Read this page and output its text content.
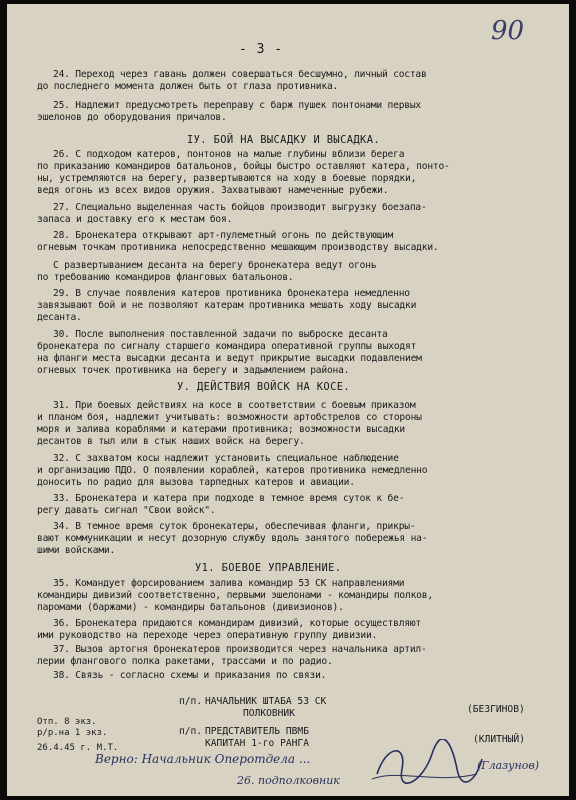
90
- 3 -
24. Переход через гавань должен совершаться бесшумно, личный состав
до последнего момента должен быть от глаза противника.
25. Надлежит предусмотреть переправу с барж пушек понтонами первых
эшелонов до оборудования причалов.
IУ. БОЙ НА ВЫСАДКУ И ВЫСАДКА.
26. С подходом катеров, понтонов на малые глубины вблизи берега
по приказанию командиров батальонов, бойцы быстро оставляют катера, понто-
ны, устремляются на берегу, развертываются на ходу в боевые порядки,
ведя огонь из всех видов оружия. Захватывают намеченные рубежи.
27. Специально выделенная часть бойцов производит выгрузку боезапа-
запаса и доставку его к местам боя.
28. Бронекатера открывают арт-пулеметный огонь по действующим
огневым точкам противника непосредственно мешающим производству высадки.
С развертыванием десанта на берегу бронекатера ведут огонь
по требованию командиров фланговых батальонов.
29. В случае появления катеров противника бронекатера немедленно
завязывают бой и не позволяют катерам противника мешать ходу высадки
десанта.
30. После выполнения поставленной задачи по выброске десанта
бронекатера по сигналу старшего командира оперативной группы выходят
на фланги места высадки десанта и ведут прикрытие высадки подавлением
огневых точек противника на берегу и задымлением района.
У. ДЕЙСТВИЯ ВОЙСК НА КОСЕ.
31. При боевых действиях на косе в соответствии с боевым приказом
и планом боя, надлежит учитывать: возможности артобстрелов со стороны
моря и залива кораблями и катерами противника; возможности высадки
десантов в тыл или в стык наших войск на берегу.
32. С захватом косы надлежит установить специальное наблюдение
и организацию ПДО. О появлении кораблей, катеров противника немедленно
доносить по радио для вызова тарпедных катеров и авиации.
33. Бронекатера и катера при подходе в темное время суток к бе-
регу давать сигнал "Свои войск".
34. В темное время суток бронекатеры, обеспечивая фланги, прикры-
вают коммуникации и несут дозорную службу вдоль занятого побережья на-
шими войсками.
У1. БОЕВОЕ УПРАВЛЕНИЕ.
35. Командует форсированием залива командир 53 СК направлениями
командиры дивизий соответственно, первыми эшелонами - командиры полков,
паромами (баржами) - командиры батальонов (дивизионов).
36. Бронекатера придаются командирам дивизий, которые осуществляют
ими руководство на переходе через оперативную группу дивизии.
37. Вызов артогня бронекатеров производится через начальника артил-
лерии флангового полка ракетами, трассами и по радио.
38. Связь - согласно схемы и приказания по связи.
п/п. НАЧАЛЬНИК ШТАБА 53 СК
ПОЛКОВНИК	(БЕЗГИНОВ)
п/п. ПРЕДСТАВИТЕЛЬ ПВМБ
КАПИТАН 1-го РАНГА	(КЛИТНЫЙ)
Отп. 8 экз.
р/р.на 1 экз.
26.4.45 г. М.Т.
Верно: Начальник Оперотдела ...
26. подполковник
(Глазунов)
